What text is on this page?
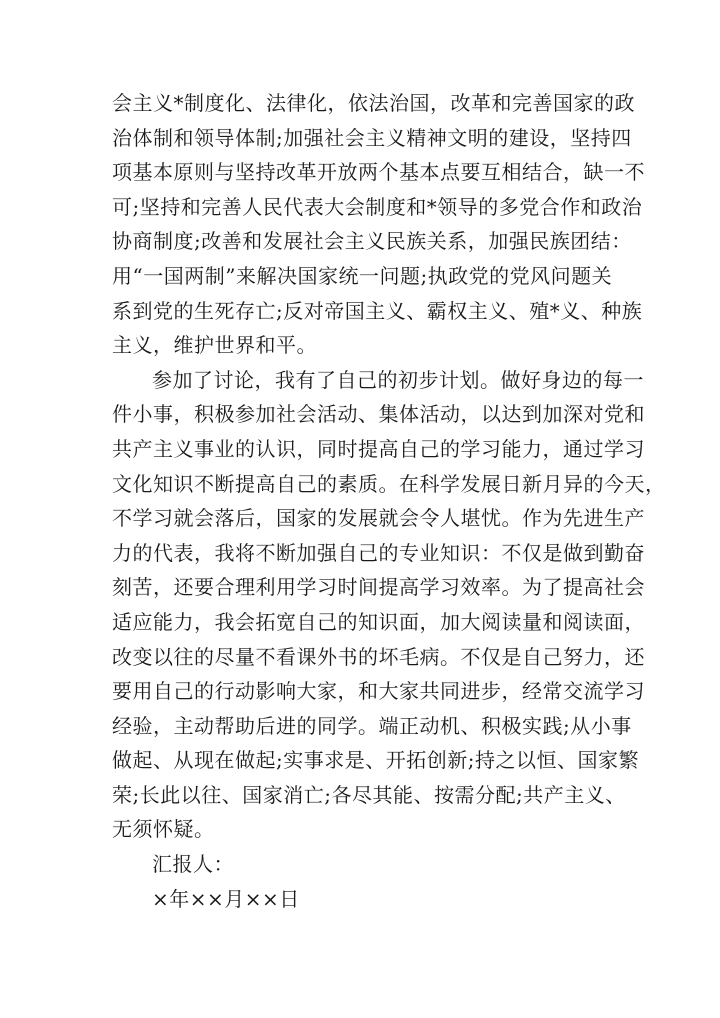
会主义*制度化、法律化，依法治国，改革和完善国家的政
治体制和领导体制;加强社会主义精神文明的建设，坚持四
项基本原则与坚持改革开放两个基本点要互相结合，缺一不
可;坚持和完善人民代表大会制度和*领导的多党合作和政治
协商制度;改善和发展社会主义民族关系，加强民族团结：
用“一国两制”来解决国家统一问题;执政党的党风问题关
系到党的生死存亡;反对帝国主义、霸权主义、殖*义、种族
主义，维护世界和平。
参加了讨论，我有了自己的初步计划。做好身边的每一
件小事，积极参加社会活动、集体活动，以达到加深对党和
共产主义事业的认识，同时提高自己的学习能力，通过学习
文化知识不断提高自己的素质。在科学发展日新月异的今天，
不学习就会落后，国家的发展就会令人堪忧。作为先进生产
力的代表，我将不断加强自己的专业知识：不仅是做到勤奋
刻苦，还要合理利用学习时间提高学习效率。为了提高社会
适应能力，我会拓宽自己的知识面，加大阅读量和阅读面，
改变以往的尽量不看课外书的坏毛病。不仅是自己努力，还
要用自己的行动影响大家，和大家共同进步，经常交流学习
经验，主动帮助后进的同学。端正动机、积极实践;从小事
做起、从现在做起;实事求是、开拓创新;持之以恒、国家繁
荣;长此以往、国家消亡;各尽其能、按需分配;共产主义、
无须怀疑。
汇报人：
×年××月××日
